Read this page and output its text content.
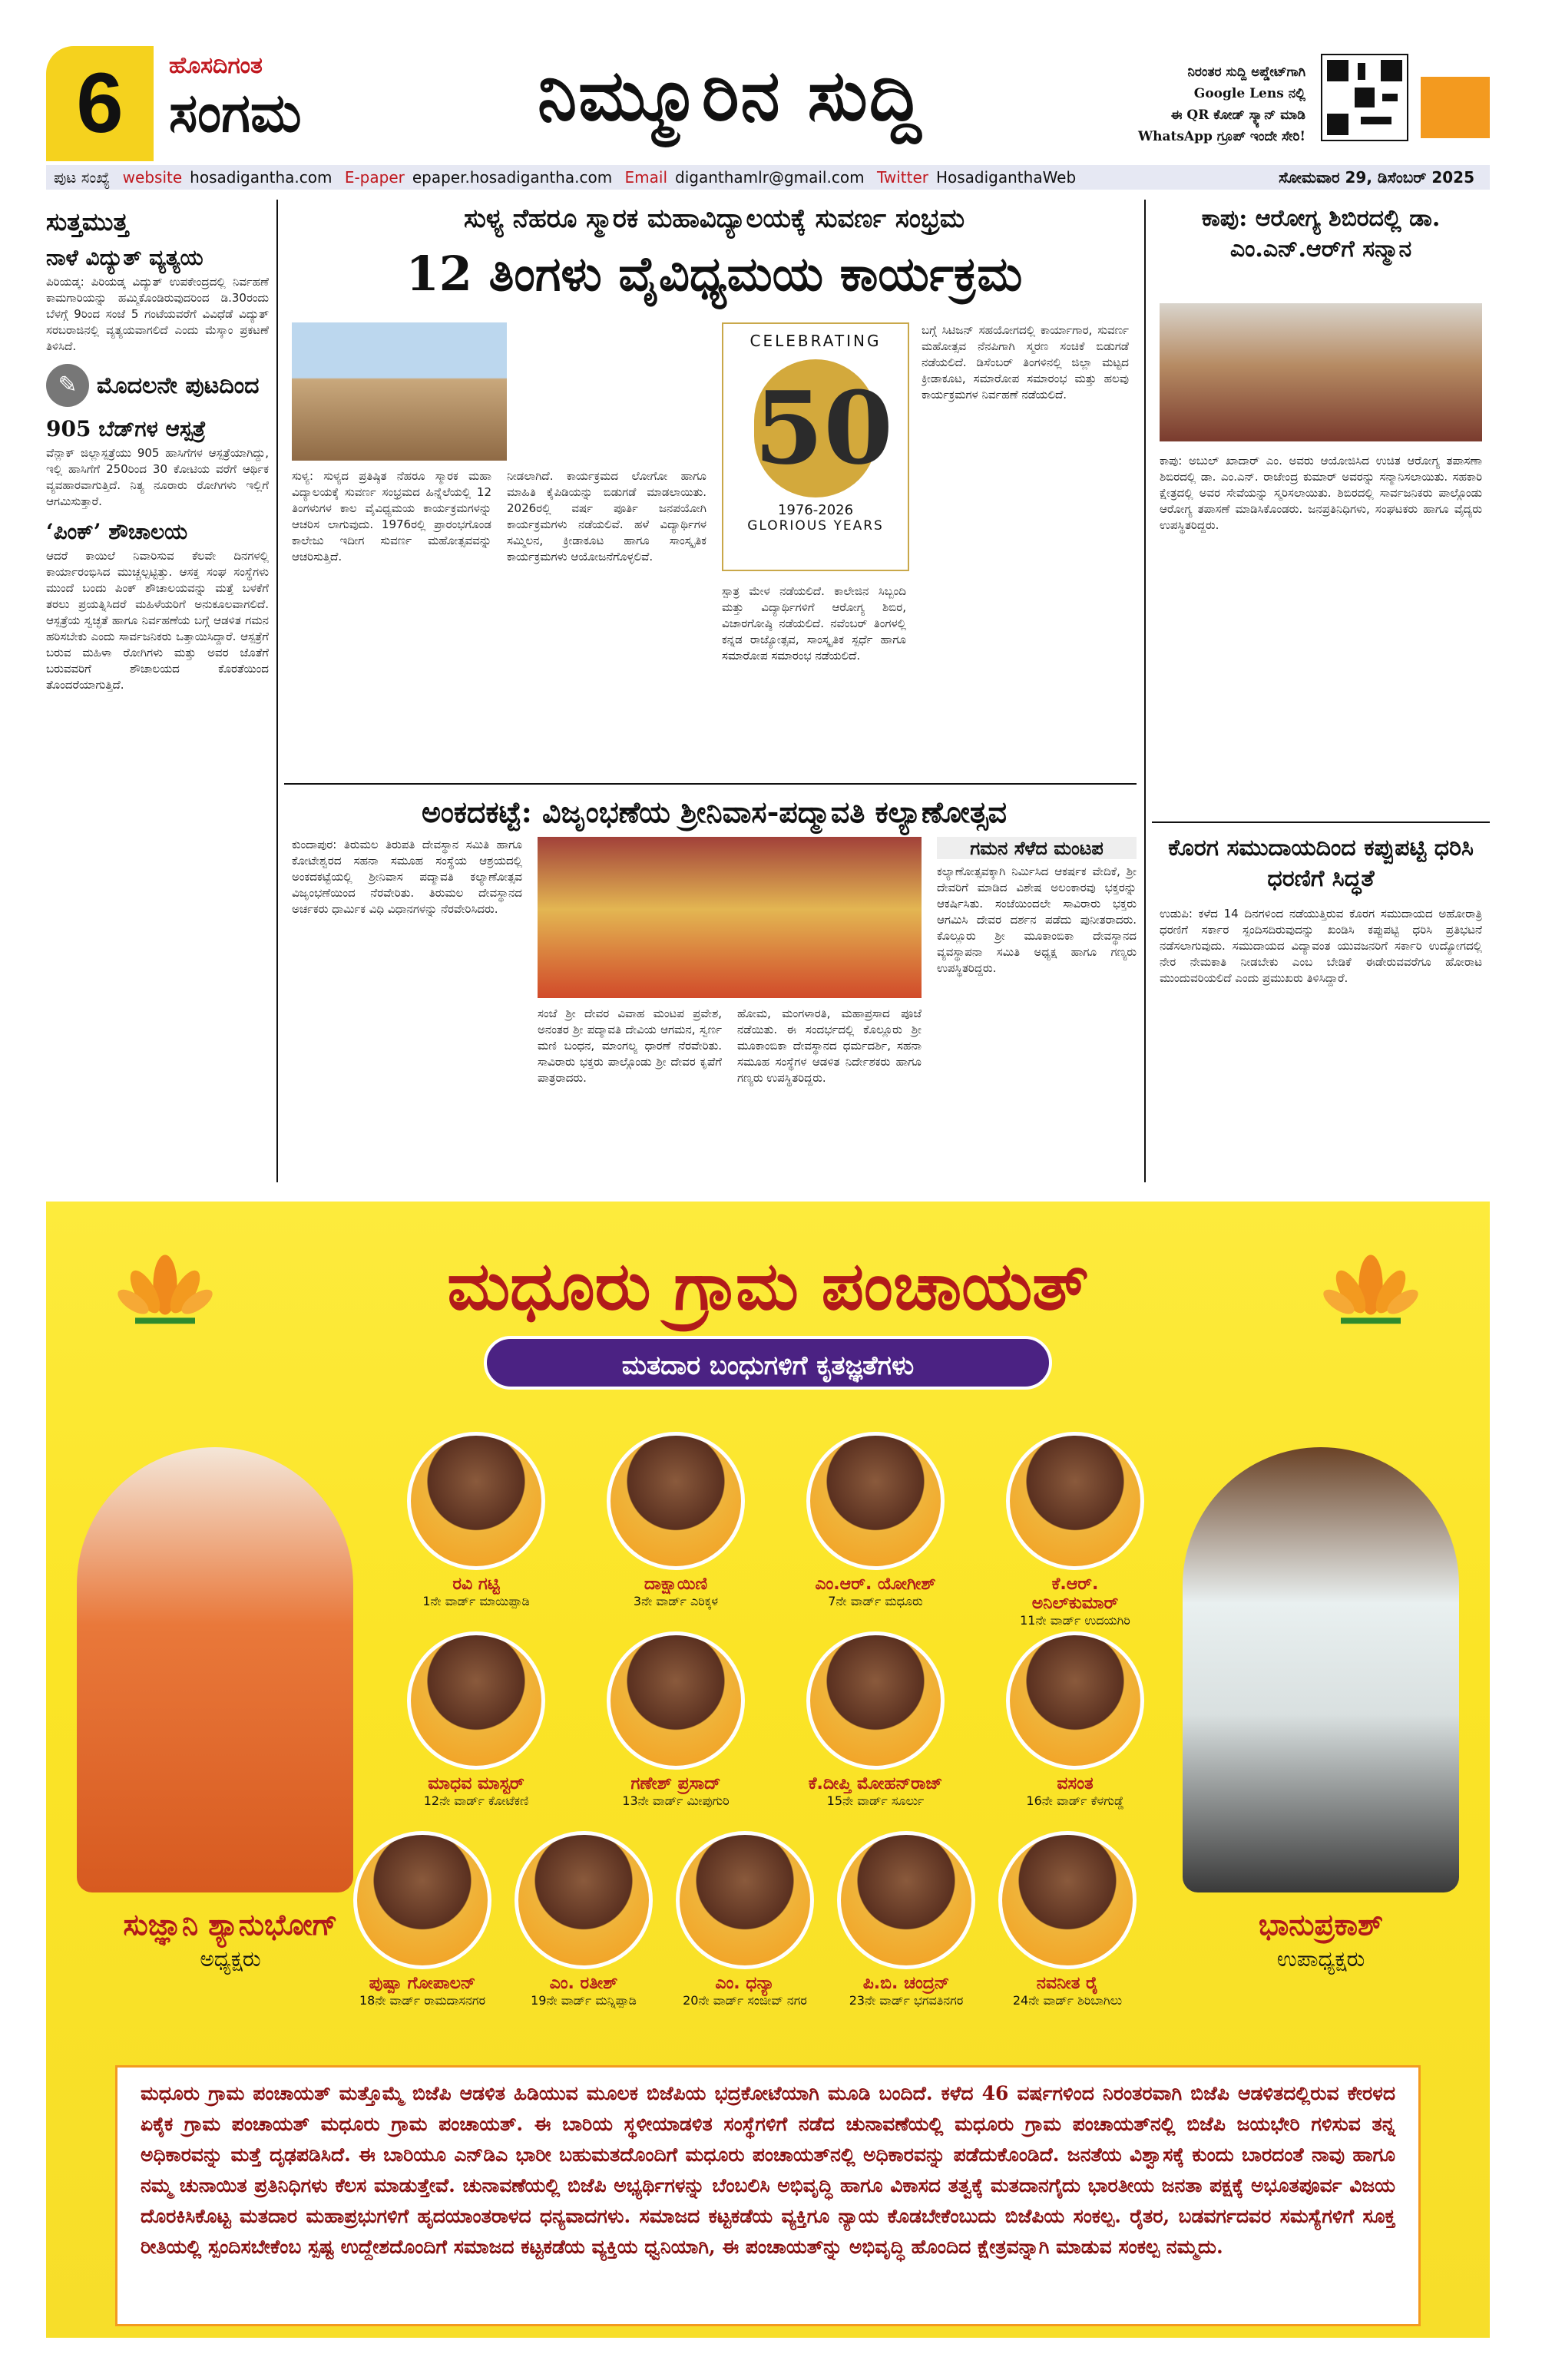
6	ಹೊಸದಿಗಂತ
ಸಂಗಮ	ನಿಮ್ಮೂರಿನ ಸುದ್ದಿ	ನಿರಂತರ ಸುದ್ದಿ ಅಪ್ಡೇಟ್‌ಗಾಗಿ
Google Lens ನಲ್ಲಿ
ಈ QR ಕೋಡ್ ಸ್ಕ್ಯಾನ್ ಮಾಡಿ
WhatsApp ಗ್ರೂಪ್ ಇಂದೇ ಸೇರಿ!
ಪುಟ ಸಂಖ್ಯೆ website hosadigantha.com E-paper epaper.hosadigantha.com Email diganthamlr@gmail.com Twitter HosadiganthaWeb	ಸೋಮವಾರ 29, ಡಿಸೆಂಬರ್ 2025
ಸುತ್ತಮುತ್ತ
ನಾಳೆ ವಿದ್ಯುತ್ ವ್ಯತ್ಯಯ
ಪಿರಿಯಡ್ಕ: ಪಿರಿಯಡ್ಕ ವಿದ್ಯುತ್ ಉಪಕೇಂದ್ರದಲ್ಲಿ ನಿರ್ವಹಣೆ ಕಾಮಗಾರಿಯನ್ನು ಹಮ್ಮಿಕೊಂಡಿರುವುದರಿಂದ ಡಿ.30ರಂದು ಬೆಳಗ್ಗೆ 9ರಿಂದ ಸಂಜೆ 5 ಗಂಟೆಯವರೆಗೆ ವಿವಿಧೆಡೆ ವಿದ್ಯುತ್ ಸರಬರಾಜಿನಲ್ಲಿ ವ್ಯತ್ಯಯವಾಗಲಿದೆ ಎಂದು ಮೆಸ್ಕಾಂ ಪ್ರಕಟಣೆ ತಿಳಿಸಿದೆ.
✎ ಮೊದಲನೇ ಪುಟದಿಂದ
905 ಬೆಡ್‌ಗಳ ಆಸ್ಪತ್ರೆ
ವೆನ್ಲಾಕ್ ಜಿಲ್ಲಾಸ್ಪತ್ರೆಯು 905 ಹಾಸಿಗೆಗಳ ಆಸ್ಪತ್ರೆಯಾಗಿದ್ದು, ಇಲ್ಲಿ ಹಾಸಿಗೆಗೆ 250ರಿಂದ 30 ಕೋಟಿಯ ವರೆಗೆ ಆರ್ಥಿಕ ವ್ಯವಹಾರವಾಗುತ್ತಿದೆ. ನಿತ್ಯ ನೂರಾರು ರೋಗಿಗಳು ಇಲ್ಲಿಗೆ ಆಗಮಿಸುತ್ತಾರೆ.
‘ಪಿಂಕ್’ ಶೌಚಾಲಯ
ಆದರೆ ಕಾಯಿಲೆ ನಿವಾರಿಸುವ ಕೆಲವೇ ದಿನಗಳಲ್ಲಿ ಕಾರ್ಯಾರಂಭಿಸಿದ ಮುಚ್ಚಲ್ಪಟ್ಟಿತ್ತು. ಆಸಕ್ತ ಸಂಘ ಸಂಸ್ಥೆಗಳು ಮುಂದೆ ಬಂದು ಪಿಂಕ್ ಶೌಚಾಲಯವನ್ನು ಮತ್ತೆ ಬಳಕೆಗೆ ತರಲು ಪ್ರಯತ್ನಿಸಿದರೆ ಮಹಿಳೆಯರಿಗೆ ಅನುಕೂಲವಾಗಲಿದೆ. ಆಸ್ಪತ್ರೆಯ ಸ್ವಚ್ಛತೆ ಹಾಗೂ ನಿರ್ವಹಣೆಯ ಬಗ್ಗೆ ಆಡಳಿತ ಗಮನ ಹರಿಸಬೇಕು ಎಂದು ಸಾರ್ವಜನಿಕರು ಒತ್ತಾಯಿಸಿದ್ದಾರೆ. ಆಸ್ಪತ್ರೆಗೆ ಬರುವ ಮಹಿಳಾ ರೋಗಿಗಳು ಮತ್ತು ಅವರ ಜೊತೆಗೆ ಬರುವವರಿಗೆ ಶೌಚಾಲಯದ ಕೊರತೆಯಿಂದ ತೊಂದರೆಯಾಗುತ್ತಿದೆ.
ಸುಳ್ಯ ನೆಹರೂ ಸ್ಮಾರಕ ಮಹಾವಿದ್ಯಾಲಯಕ್ಕೆ ಸುವರ್ಣ ಸಂಭ್ರಮ
12 ತಿಂಗಳು ವೈವಿಧ್ಯಮಯ ಕಾರ್ಯಕ್ರಮ
CELEBRATING
50
1976-2026
GLORIOUS YEARS
ಸುಳ್ಯ: ಸುಳ್ಯದ ಪ್ರತಿಷ್ಠಿತ ನೆಹರೂ ಸ್ಮಾರಕ ಮಹಾ ವಿದ್ಯಾಲಯಕ್ಕೆ ಸುವರ್ಣ ಸಂಭ್ರಮದ ಹಿನ್ನೆಲೆಯಲ್ಲಿ 12 ತಿಂಗಳುಗಳ ಕಾಲ ವೈವಿಧ್ಯಮಯ ಕಾರ್ಯಕ್ರಮಗಳನ್ನು ಆಚರಿಸ ಲಾಗುವುದು. 1976ರಲ್ಲಿ ಪ್ರಾರಂಭಗೊಂಡ ಕಾಲೇಜು ಇದೀಗ ಸುವರ್ಣ ಮಹೋತ್ಸವವನ್ನು ಆಚರಿಸುತ್ತಿದೆ.
ನೀಡಲಾಗಿದೆ. ಕಾರ್ಯಕ್ರಮದ ಲೋಗೋ ಹಾಗೂ ಮಾಹಿತಿ ಕೈಪಿಡಿಯನ್ನು ಬಿಡುಗಡೆ ಮಾಡಲಾಯಿತು. 2026ರಲ್ಲಿ ವರ್ಷ ಪೂರ್ತಿ ಜನಪಯೋಗಿ ಕಾರ್ಯಕ್ರಮಗಳು ನಡೆಯಲಿವೆ. ಹಳೆ ವಿದ್ಯಾರ್ಥಿಗಳ ಸಮ್ಮಿಲನ, ಕ್ರೀಡಾಕೂಟ ಹಾಗೂ ಸಾಂಸ್ಕೃತಿಕ ಕಾರ್ಯಕ್ರಮಗಳು ಆಯೋಜನೆಗೊಳ್ಳಲಿವೆ.
ಸ್ಪಾತ್ರ ಮೇಳ ನಡೆಯಲಿದೆ. ಕಾಲೇಜಿನ ಸಿಬ್ಬಂದಿ ಮತ್ತು ವಿದ್ಯಾರ್ಥಿಗಳಿಗೆ ಆರೋಗ್ಯ ಶಿಬಿರ, ವಿಚಾರಗೋಷ್ಠಿ ನಡೆಯಲಿದೆ. ನವೆಂಬರ್ ತಿಂಗಳಲ್ಲಿ ಕನ್ನಡ ರಾಜ್ಯೋತ್ಸವ, ಸಾಂಸ್ಕೃತಿಕ ಸ್ಪರ್ಧೆ ಹಾಗೂ ಸಮಾರೋಪ ಸಮಾರಂಭ ನಡೆಯಲಿದೆ.
ಬಗ್ಗೆ ಸಿಟಿಜನ್ ಸಹಯೋಗದಲ್ಲಿ ಕಾರ್ಯಾಗಾರ, ಸುವರ್ಣ ಮಹೋತ್ಸವ ನೆನಪಿಗಾಗಿ ಸ್ಮರಣ ಸಂಚಿಕೆ ಬಿಡುಗಡೆ ನಡೆಯಲಿದೆ. ಡಿಸೆಂಬರ್ ತಿಂಗಳಿನಲ್ಲಿ ಜಿಲ್ಲಾ ಮಟ್ಟದ ಕ್ರೀಡಾಕೂಟ, ಸಮಾರೋಪ ಸಮಾರಂಭ ಮತ್ತು ಹಲವು ಕಾರ್ಯಕ್ರಮಗಳ ನಿರ್ವಹಣೆ ನಡೆಯಲಿದೆ.
ಕಾಪು: ಆರೋಗ್ಯ ಶಿಬಿರದಲ್ಲಿ ಡಾ. ಎಂ.ಎನ್.ಆರ್‌ಗೆ ಸನ್ಮಾನ
ಕಾಪು: ಅಬುಲ್ ಖಾದಾರ್ ಎಂ. ಅವರು ಆಯೋಜಿಸಿದ ಉಚಿತ ಆರೋಗ್ಯ ತಪಾಸಣಾ ಶಿಬಿರದಲ್ಲಿ ಡಾ. ಎಂ.ಎನ್. ರಾಜೇಂದ್ರ ಕುಮಾರ್ ಅವರನ್ನು ಸನ್ಮಾನಿಸಲಾಯಿತು. ಸಹಕಾರಿ ಕ್ಷೇತ್ರದಲ್ಲಿ ಅವರ ಸೇವೆಯನ್ನು ಸ್ಮರಿಸಲಾಯಿತು. ಶಿಬಿರದಲ್ಲಿ ಸಾರ್ವಜನಿಕರು ಪಾಲ್ಗೊಂಡು ಆರೋಗ್ಯ ತಪಾಸಣೆ ಮಾಡಿಸಿಕೊಂಡರು. ಜನಪ್ರತಿನಿಧಿಗಳು, ಸಂಘಟಕರು ಹಾಗೂ ವೈದ್ಯರು ಉಪಸ್ಥಿತರಿದ್ದರು.
ಅಂಕದಕಟ್ಟೆ: ವಿಜೃಂಭಣೆಯ ಶ್ರೀನಿವಾಸ-ಪದ್ಮಾವತಿ ಕಲ್ಯಾಣೋತ್ಸವ
ಕುಂದಾಪುರ: ತಿರುಮಲ ತಿರುಪತಿ ದೇವಸ್ಥಾನ ಸಮಿತಿ ಹಾಗೂ ಕೋಟೇಶ್ವರದ ಸಹನಾ ಸಮೂಹ ಸಂಸ್ಥೆಯ ಆಶ್ರಯದಲ್ಲಿ ಅಂಕದಕಟ್ಟೆಯಲ್ಲಿ ಶ್ರೀನಿವಾಸ ಪದ್ಮಾವತಿ ಕಲ್ಯಾಣೋತ್ಸವ ವಿಜೃಂಭಣೆಯಿಂದ ನೆರವೇರಿತು. ತಿರುಮಲ ದೇವಸ್ಥಾನದ ಅರ್ಚಕರು ಧಾರ್ಮಿಕ ವಿಧಿ ವಿಧಾನಗಳನ್ನು ನೆರವೇರಿಸಿದರು.
ಸಂಜೆ ಶ್ರೀ ದೇವರ ವಿವಾಹ ಮಂಟಪ ಪ್ರವೇಶ, ಅನಂತರ ಶ್ರೀ ಪದ್ಮಾವತಿ ದೇವಿಯ ಆಗಮನ, ಸ್ವರ್ಣ ಮಣಿ ಬಂಧನ, ಮಾಂಗಲ್ಯ ಧಾರಣೆ ನೆರವೇರಿತು. ಸಾವಿರಾರು ಭಕ್ತರು ಪಾಲ್ಗೊಂಡು ಶ್ರೀ ದೇವರ ಕೃಪೆಗೆ ಪಾತ್ರರಾದರು.
ಹೋಮ, ಮಂಗಳಾರತಿ, ಮಹಾಪ್ರಸಾದ ಪೂಜೆ ನಡೆಯಿತು. ಈ ಸಂದರ್ಭದಲ್ಲಿ ಕೊಲ್ಲೂರು ಶ್ರೀ ಮೂಕಾಂಬಿಕಾ ದೇವಸ್ಥಾನದ ಧರ್ಮದರ್ಶಿ, ಸಹನಾ ಸಮೂಹ ಸಂಸ್ಥೆಗಳ ಆಡಳಿತ ನಿರ್ದೇಶಕರು ಹಾಗೂ ಗಣ್ಯರು ಉಪಸ್ಥಿತರಿದ್ದರು.
ಗಮನ ಸೆಳೆದ ಮಂಟಪ
ಕಲ್ಯಾಣೋತ್ಸವಕ್ಕಾಗಿ ನಿರ್ಮಿಸಿದ ಆಕರ್ಷಕ ವೇದಿಕೆ, ಶ್ರೀ ದೇವರಿಗೆ ಮಾಡಿದ ವಿಶೇಷ ಅಲಂಕಾರವು ಭಕ್ತರನ್ನು ಆಕರ್ಷಿಸಿತು. ಸಂಜೆಯಿಂದಲೇ ಸಾವಿರಾರು ಭಕ್ತರು ಆಗಮಿಸಿ ದೇವರ ದರ್ಶನ ಪಡೆದು ಪುನೀತರಾದರು. ಕೊಲ್ಲೂರು ಶ್ರೀ ಮೂಕಾಂಬಿಕಾ ದೇವಸ್ಥಾನದ ವ್ಯವಸ್ಥಾಪನಾ ಸಮಿತಿ ಅಧ್ಯಕ್ಷ ಹಾಗೂ ಗಣ್ಯರು ಉಪಸ್ಥಿತರಿದ್ದರು.
ಕೊರಗ ಸಮುದಾಯದಿಂದ ಕಪ್ಪುಪಟ್ಟಿ ಧರಿಸಿ ಧರಣಿಗೆ ಸಿದ್ಧತೆ
ಉಡುಪಿ: ಕಳೆದ 14 ದಿನಗಳಿಂದ ನಡೆಯುತ್ತಿರುವ ಕೊರಗ ಸಮುದಾಯದ ಅಹೋರಾತ್ರಿ ಧರಣಿಗೆ ಸರ್ಕಾರ ಸ್ಪಂದಿಸದಿರುವುದನ್ನು ಖಂಡಿಸಿ ಕಪ್ಪುಪಟ್ಟಿ ಧರಿಸಿ ಪ್ರತಿಭಟನೆ ನಡೆಸಲಾಗುವುದು. ಸಮುದಾಯದ ವಿದ್ಯಾವಂತ ಯುವಜನರಿಗೆ ಸರ್ಕಾರಿ ಉದ್ಯೋಗದಲ್ಲಿ ನೇರ ನೇಮಕಾತಿ ನೀಡಬೇಕು ಎಂಬ ಬೇಡಿಕೆ ಈಡೇರುವವರೆಗೂ ಹೋರಾಟ ಮುಂದುವರಿಯಲಿದೆ ಎಂದು ಪ್ರಮುಖರು ತಿಳಿಸಿದ್ದಾರೆ.
ಮಧೂರು ಗ್ರಾಮ ಪಂಚಾಯತ್
ಮತದಾರ ಬಂಧುಗಳಿಗೆ ಕೃತಜ್ಞತೆಗಳು
ಸುಜ್ಞಾನಿ ಶ್ಯಾನುಭೋಗ್
ಅಧ್ಯಕ್ಷರು
ಭಾನುಪ್ರಕಾಶ್
ಉಪಾಧ್ಯಕ್ಷರು
ರವಿ ಗಟ್ಟಿ
1ನೇ ವಾರ್ಡ್ ಮಾಯಿಪ್ಪಾಡಿ
ದಾಕ್ಷಾಯಿಣಿ
3ನೇ ವಾರ್ಡ್ ಎರಿಕ್ಕಳ
ಎಂ.ಆರ್. ಯೋಗೀಶ್
7ನೇ ವಾರ್ಡ್ ಮಧೂರು
ಕೆ.ಆರ್. ಅನಿಲ್‌ಕುಮಾರ್
11ನೇ ವಾರ್ಡ್ ಉದಯಗಿರಿ
ಮಾಧವ ಮಾಸ್ಟರ್
12ನೇ ವಾರ್ಡ್ ಕೋಟೆಕಣಿ
ಗಣೇಶ್ ಪ್ರಸಾದ್
13ನೇ ವಾರ್ಡ್ ಮೀಪುಗುರಿ
ಕೆ.ದೀಪ್ತಿ ಮೋಹನ್‌ರಾಜ್
15ನೇ ವಾರ್ಡ್ ಸೂರ್ಲು
ವಸಂತ
16ನೇ ವಾರ್ಡ್ ಕೆಳಗುಡ್ಡೆ
ಪುಷ್ಪಾ ಗೋಪಾಲನ್
18ನೇ ವಾರ್ಡ್ ರಾಮದಾಸನಗರ
ಎಂ. ರತೀಶ್
19ನೇ ವಾರ್ಡ್ ಮನ್ನಿಪ್ಪಾಡಿ
ಎಂ. ಧನ್ಯಾ
20ನೇ ವಾರ್ಡ್ ಸಂಜೀವ್ ನಗರ
ಪಿ.ಬಿ. ಚಂದ್ರನ್
23ನೇ ವಾರ್ಡ್ ಭಗವತಿನಗರ
ನವನೀತ ರೈ
24ನೇ ವಾರ್ಡ್ ಶಿರಿಬಾಗಿಲು
ಮಧೂರು ಗ್ರಾಮ ಪಂಚಾಯತ್ ಮತ್ತೊಮ್ಮೆ ಬಿಜೆಪಿ ಆಡಳಿತ ಹಿಡಿಯುವ ಮೂಲಕ ಬಿಜೆಪಿಯ ಭದ್ರಕೋಟೆಯಾಗಿ ಮೂಡಿ ಬಂದಿದೆ. ಕಳೆದ 46 ವರ್ಷಗಳಿಂದ ನಿರಂತರವಾಗಿ ಬಿಜೆಪಿ ಆಡಳಿತದಲ್ಲಿರುವ ಕೇರಳದ ಏಕೈಕ ಗ್ರಾಮ ಪಂಚಾಯತ್ ಮಧೂರು ಗ್ರಾಮ ಪಂಚಾಯತ್. ಈ ಬಾರಿಯ ಸ್ಥಳೀಯಾಡಳಿತ ಸಂಸ್ಥೆಗಳಿಗೆ ನಡೆದ ಚುನಾವಣೆಯಲ್ಲಿ ಮಧೂರು ಗ್ರಾಮ ಪಂಚಾಯತ್‌ನಲ್ಲಿ ಬಿಜೆಪಿ ಜಯಭೇರಿ ಗಳಿಸುವ ತನ್ನ ಅಧಿಕಾರವನ್ನು ಮತ್ತೆ ದೃಢಪಡಿಸಿದೆ. ಈ ಬಾರಿಯೂ ಎನ್‌ಡಿಎ ಭಾರೀ ಬಹುಮತದೊಂದಿಗೆ ಮಧೂರು ಪಂಚಾಯತ್‌ನಲ್ಲಿ ಅಧಿಕಾರವನ್ನು ಪಡೆದುಕೊಂಡಿದೆ. ಜನತೆಯ ವಿಶ್ವಾಸಕ್ಕೆ ಕುಂದು ಬಾರದಂತೆ ನಾವು ಹಾಗೂ ನಮ್ಮ ಚುನಾಯಿತ ಪ್ರತಿನಿಧಿಗಳು ಕೆಲಸ ಮಾಡುತ್ತೇವೆ. ಚುನಾವಣೆಯಲ್ಲಿ ಬಿಜೆಪಿ ಅಭ್ಯರ್ಥಿಗಳನ್ನು ಬೆಂಬಲಿಸಿ ಅಭಿವೃದ್ಧಿ ಹಾಗೂ ವಿಕಾಸದ ತತ್ವಕ್ಕೆ ಮತದಾನಗೈದು ಭಾರತೀಯ ಜನತಾ ಪಕ್ಷಕ್ಕೆ ಅಭೂತಪೂರ್ವ ವಿಜಯ ದೊರಕಿಸಿಕೊಟ್ಟ ಮತದಾರ ಮಹಾಪ್ರಭುಗಳಿಗೆ ಹೃದಯಾಂತರಾಳದ ಧನ್ಯವಾದಗಳು. ಸಮಾಜದ ಕಟ್ಟಕಡೆಯ ವ್ಯಕ್ತಿಗೂ ನ್ಯಾಯ ಕೊಡಬೇಕೆಂಬುದು ಬಿಜೆಪಿಯ ಸಂಕಲ್ಪ. ರೈತರ, ಬಡವರ್ಗದವರ ಸಮಸ್ಯೆಗಳಿಗೆ ಸೂಕ್ತ ರೀತಿಯಲ್ಲಿ ಸ್ಪಂದಿಸಬೇಕೆಂಬ ಸ್ಪಷ್ಟ ಉದ್ದೇಶದೊಂದಿಗೆ ಸಮಾಜದ ಕಟ್ಟಕಡೆಯ ವ್ಯಕ್ತಿಯ ಧ್ವನಿಯಾಗಿ, ಈ ಪಂಚಾಯತ್‌ನ್ನು ಅಭಿವೃದ್ಧಿ ಹೊಂದಿದ ಕ್ಷೇತ್ರವನ್ನಾಗಿ ಮಾಡುವ ಸಂಕಲ್ಪ ನಮ್ಮದು.
